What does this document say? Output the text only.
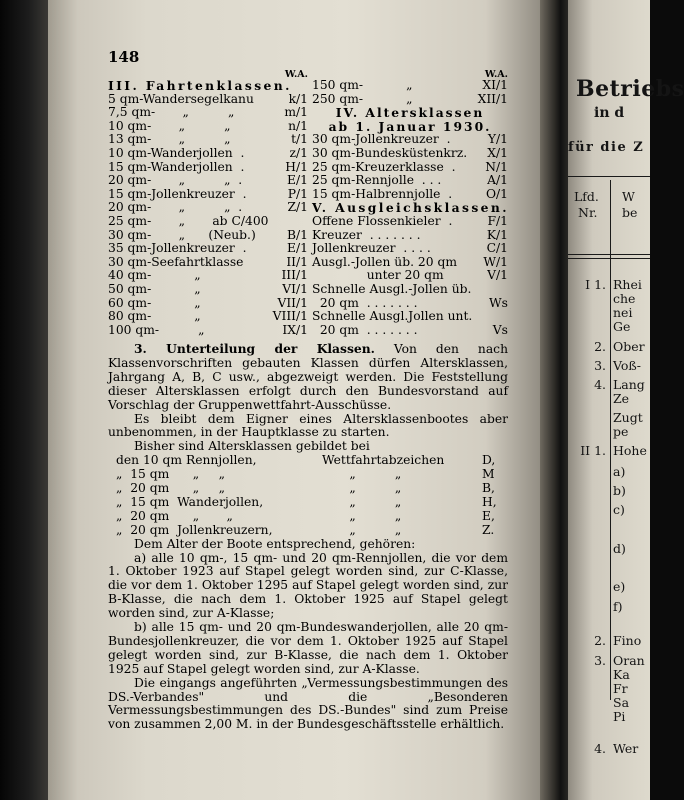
148
W.A.
III. Fahrtenklassen.
5 qm-Wandersegelkanu	k/1
7,5 qm-       „          „	m/1
10 qm-       „          „	n/1
13 qm-       „          „	t/1
10 qm-Wanderjollen  .	z/1
15 qm-Wanderjollen  .	H/1
20 qm-       „          „  .	E/1
15 qm-Jollenkreuzer  .	P/1
20 qm-       „          „  .	Z/1
25 qm-       „       ab C/400
30 qm-       „      (Neub.)	B/1
35 qm-Jollenkreuzer  .	E/1
30 qm-Seefahrtklasse	II/1
40 qm-           „	III/1
50 qm-           „	VI/1
60 qm-           „	VII/1
80 qm-           „	VIII/1
100 qm-          „	IX/1
W.A.
150 qm-           „	XI/1
250 qm-           „	XII/1
IV. Altersklassen
ab 1. Januar 1930.
30 qm-Jollenkreuzer  .	Y/1
30 qm-Bundesküstenkrz. X/1
25 qm-Kreuzerklasse  . N/1
25 qm-Rennjolle  . . .	A/1
15 qm-Halbrennjolle  .	O/1
V. Ausgleichsklassen.
Offene Flossenkieler  .	F/1
Kreuzer  . . . . . . .	K/1
Jollenkreuzer  . . . .	C/1
Ausgl.-Jollen üb. 20 qm W/1
unter 20 qm	V/1
Schnelle Ausgl.-Jollen üb.
20 qm  . . . . . . .	Ws
Schnelle Ausgl.Jollen unt.
20 qm  . . . . . . .	Vs

3. Unterteilung der Klassen. Von den nach Klassenvorschriften gebauten Klassen dürfen Altersklassen, Jahrgang A, B, C usw., abgezweigt werden. Die Feststellung dieser Altersklassen erfolgt durch den Bundesvorstand auf Vorschlag der Gruppenwettfahrt-Ausschüsse.

Es bleibt dem Eigner eines Altersklassenbootes aber unbenommen, in der Hauptklasse zu starten.

Bisher sind Altersklassen gebildet bei

den 10 qm Rennjollen,	Wettfahrtabzeichen	D,
„  15 qm      „     „	„          „	M
„  20 qm      „     „	„          „	B,
„  15 qm  Wanderjollen,	„          „	H,
„  20 qm      „       „	„          „	E,
„  20 qm  Jollenkreuzern,	„          „	Z.

Dem Alter der Boote entsprechend, gehören:

a) alle 10 qm-, 15 qm- und 20 qm-Rennjollen, die vor dem 1. Oktober 1923 auf Stapel gelegt worden sind, zur C-Klasse, die vor dem 1. Oktober 1295 auf Stapel gelegt worden sind, zur B-Klasse, die nach dem 1. Oktober 1925 auf Stapel gelegt worden sind, zur A-Klasse;

b) alle 15 qm- und 20 qm-Bundeswanderjollen, alle 20 qm-Bundesjollenkreuzer, die vor dem 1. Oktober 1925 auf Stapel gelegt worden sind, zur B-Klasse, die nach dem 1. Oktober 1925 auf Stapel gelegt worden sind, zur A-Klasse.

Die eingangs angeführten „Vermessungsbestimmungen des DS.-Verbandes" und die „Besonderen Vermessungsbestimmungen des DS.-Bundes" sind zum Preise von zusammen 2,00 M. in der Bundesgeschäftsstelle erhältlich.

Betriebs
in d
für die Z
Lfd.
Nr.
W
be
I 1. Rhei
che
nei
Ge
2. Ober
3. Voß-
4. Lang
Ze
Zugt
pe
II 1. Hohe
a)
b)
c)
d)
e)
f)
2. Fino
3. Oran
Ka
Fr
Sa
Pi
4. Wer
